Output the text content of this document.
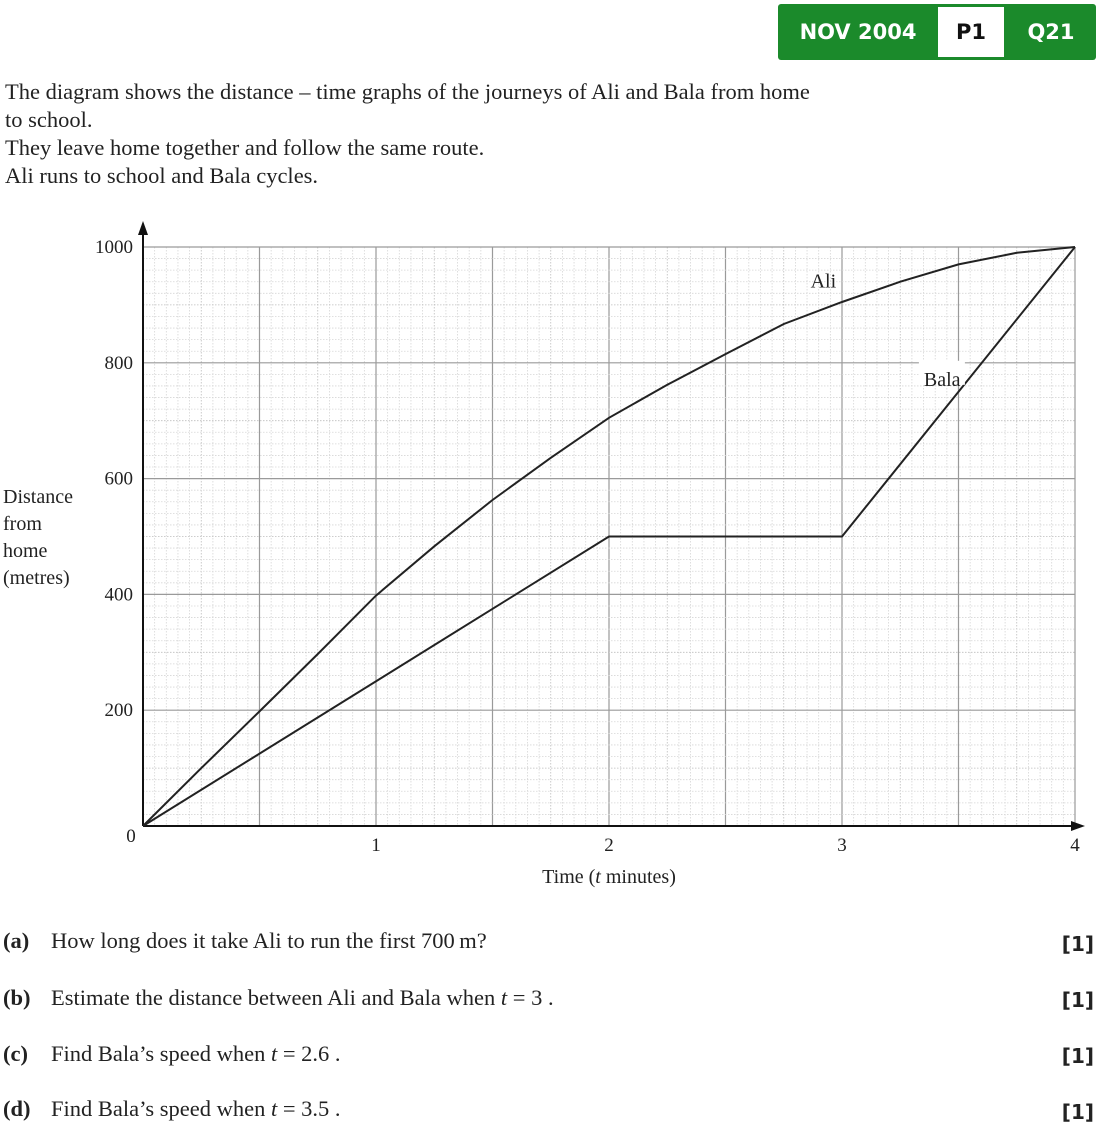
NOV 2004	P1	Q21
The diagram shows the distance – time graphs of the journeys of Ali and Bala from home
to school.
They leave home together and follow the same route.
Ali runs to school and Bala cycles.
Distance
from
home
(metres)
0	1	2	3	4
200
400
600
800
1000
Ali
Bala
Time (t minutes)
(a) How long does it take Ali to run the first 700 m?	[1]
(b) Estimate the distance between Ali and Bala when t = 3 .	[1]
(c) Find Bala’s speed when t = 2.6 .	[1]
(d) Find Bala’s speed when t = 3.5 .	[1]
